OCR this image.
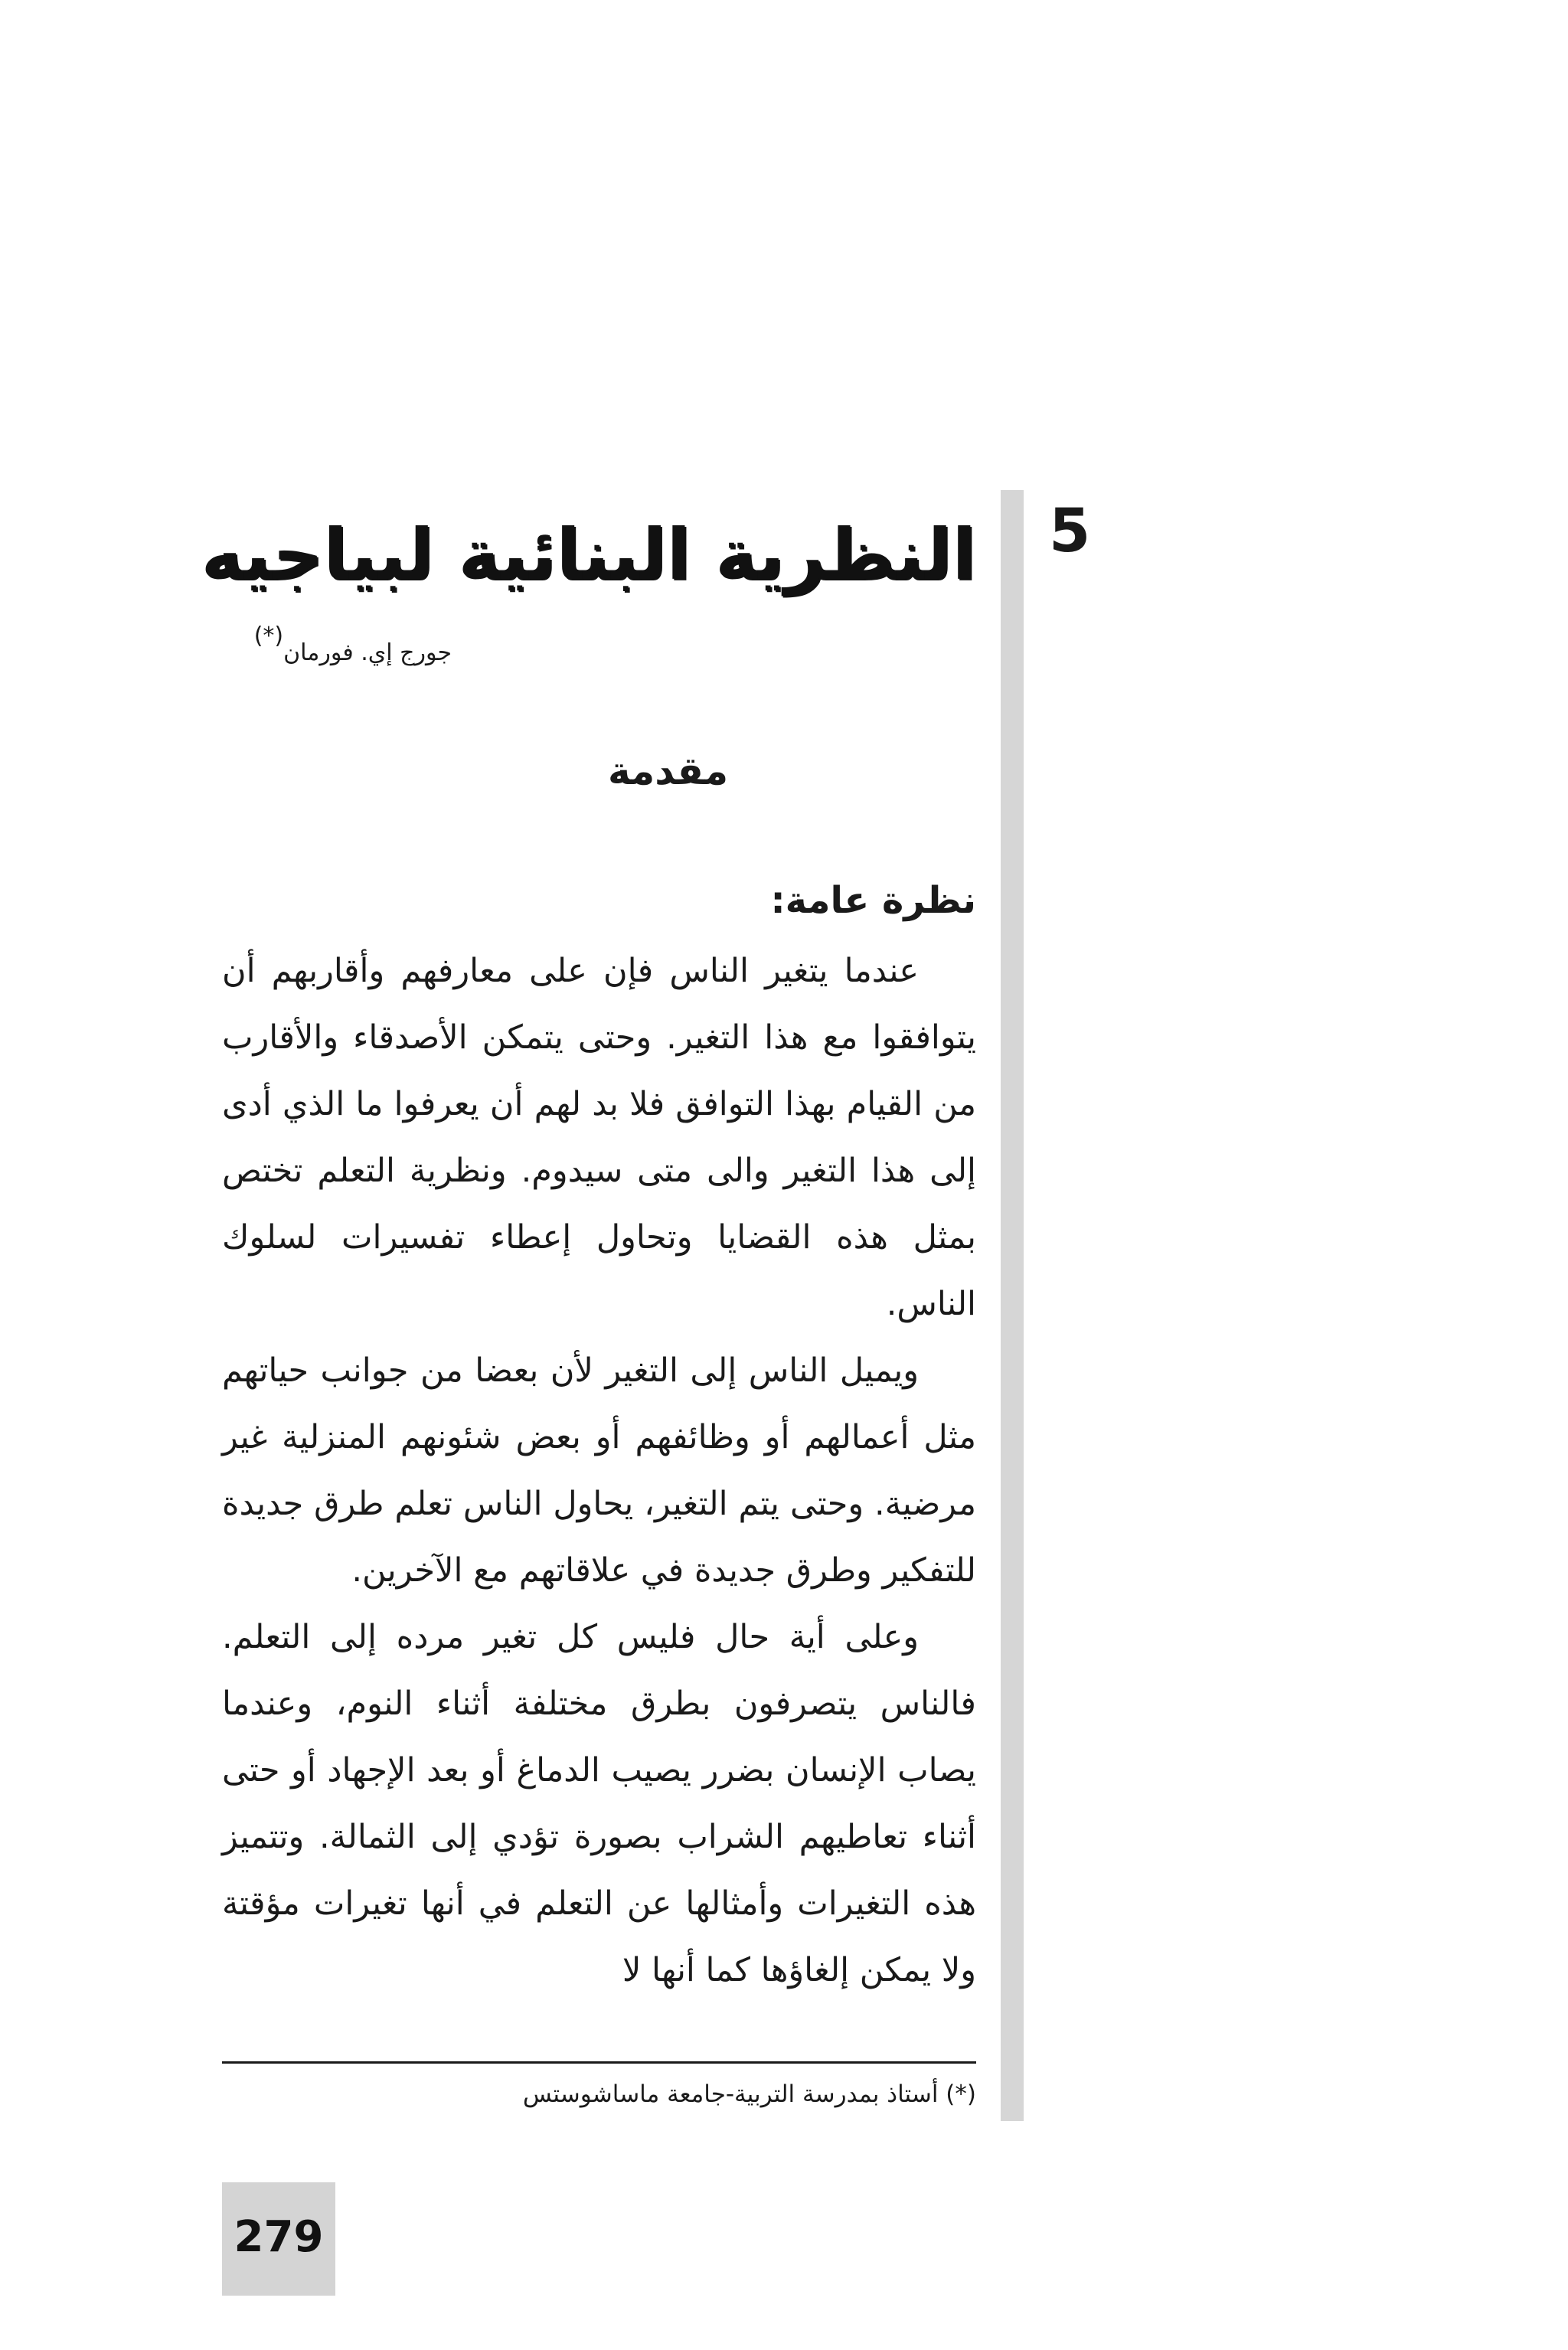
5
النظرية البنائية لبياجيه
جورج إي. فورمان(*)
مقدمة
نظرة عامة:

عندما يتغير الناس فإن على معارفهم وأقاربهم أن يتوافقوا مع هذا التغير. وحتى يتمكن الأصدقاء والأقارب من القيام بهذا التوافق فلا بد لهم أن يعرفوا ما الذي أدى إلى هذا التغير والى متى سيدوم. ونظرية التعلم تختص بمثل هذه القضايا وتحاول إعطاء تفسيرات لسلوك الناس.

ويميل الناس إلى التغير لأن بعضا من جوانب حياتهم مثل أعمالهم أو وظائفهم أو بعض شئونهم المنزلية غير مرضية. وحتى يتم التغير، يحاول الناس تعلم طرق جديدة للتفكير وطرق جديدة في علاقاتهم مع الآخرين.

وعلى أية حال فليس كل تغير مرده إلى التعلم. فالناس يتصرفون بطرق مختلفة أثناء النوم، وعندما يصاب الإنسان بضرر يصيب الدماغ أو بعد الإجهاد أو حتى أثناء تعاطيهم الشراب بصورة تؤدي إلى الثمالة. وتتميز هذه التغيرات وأمثالها عن التعلم في أنها تغيرات مؤقتة ولا يمكن إلغاؤها كما أنها لا

(*) أستاذ بمدرسة التربية-جامعة ماساشوستس
279
